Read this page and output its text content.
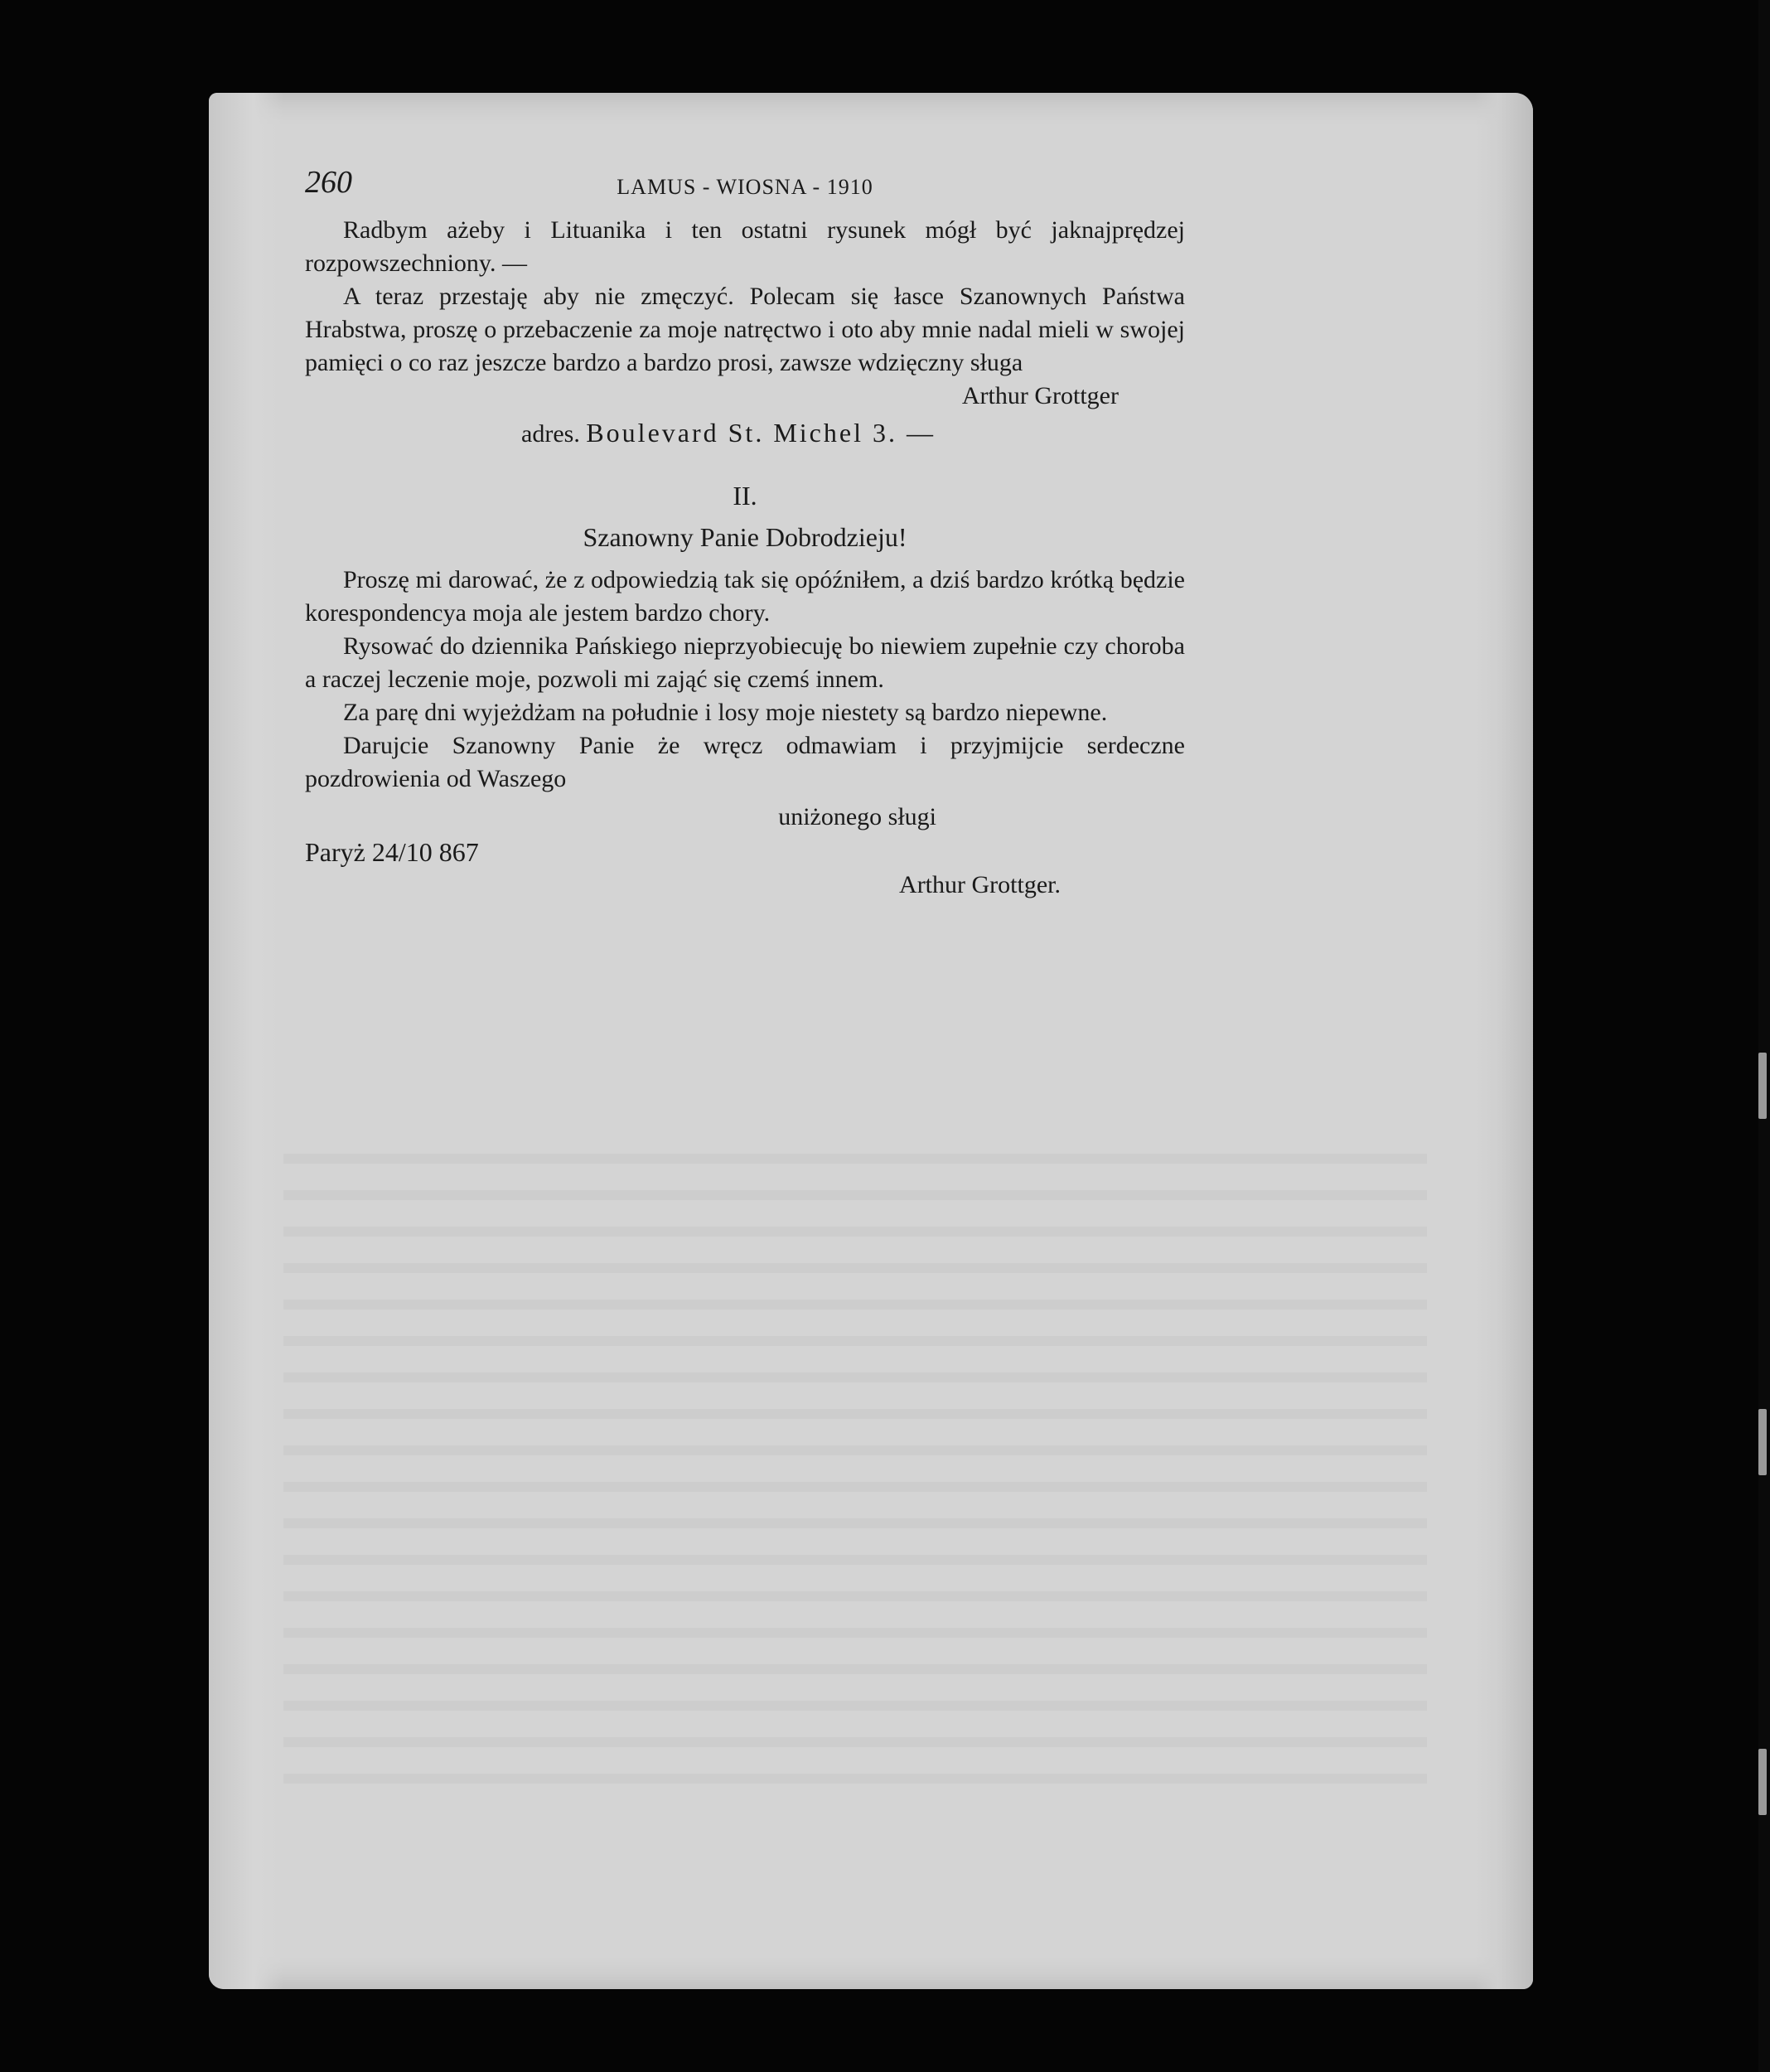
260	LAMUS - WIOSNA - 1910

Radbym ażeby i Lituanika i ten ostatni rysunek mógł być jaknajprędzej rozpowszechniony. —

A teraz przestaję aby nie zmęczyć. Polecam się łasce Szanownych Państwa Hrabstwa, proszę o przebaczenie za moje natręctwo i oto aby mnie nadal mieli w swojej pamięci o co raz jeszcze bardzo a bardzo prosi, zawsze wdzięczny sługa

Arthur Grottger

adres. Boulevard St. Michel 3. —

II.

Szanowny Panie Dobrodzieju!

Proszę mi darować, że z odpowiedzią tak się opóźniłem, a dziś bardzo krótką będzie korespondencya moja ale jestem bardzo chory.

Rysować do dziennika Pańskiego nieprzyobiecuję bo niewiem zupełnie czy choroba a raczej leczenie moje, pozwoli mi zająć się czemś innem.

Za parę dni wyjeżdżam na południe i losy moje niestety są bardzo niepewne.

Darujcie Szanowny Panie że wręcz odmawiam i przyjmijcie serdeczne pozdrowienia od Waszego

uniżonego sługi

Paryż 24/10 867

Arthur Grottger.
